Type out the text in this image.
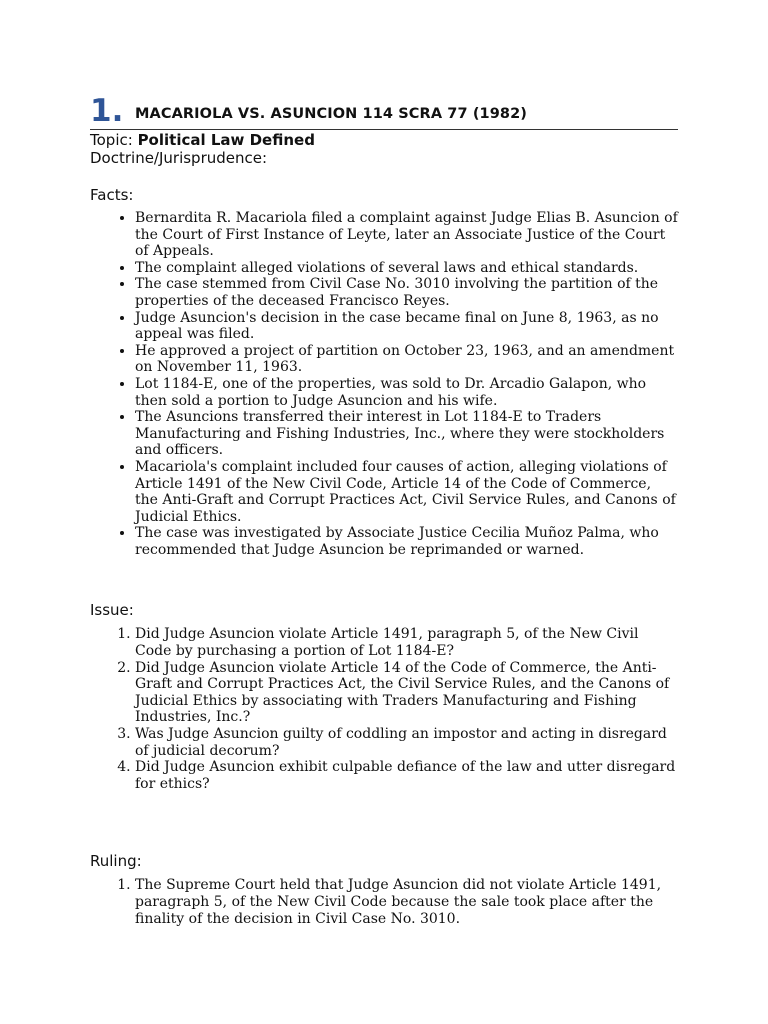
1. MACARIOLA VS. ASUNCION 114 SCRA 77 (1982)
Topic: Political Law Defined
Doctrine/Jurisprudence:
Facts:
• Bernardita R. Macariola filed a complaint against Judge Elias B. Asuncion of the Court of First Instance of Leyte, later an Associate Justice of the Court of Appeals.
• The complaint alleged violations of several laws and ethical standards.
• The case stemmed from Civil Case No. 3010 involving the partition of the properties of the deceased Francisco Reyes.
• Judge Asuncion's decision in the case became final on June 8, 1963, as no appeal was filed.
• He approved a project of partition on October 23, 1963, and an amendment on November 11, 1963.
• Lot 1184-E, one of the properties, was sold to Dr. Arcadio Galapon, who then sold a portion to Judge Asuncion and his wife.
• The Asuncions transferred their interest in Lot 1184-E to Traders Manufacturing and Fishing Industries, Inc., where they were stockholders and officers.
• Macariola's complaint included four causes of action, alleging violations of Article 1491 of the New Civil Code, Article 14 of the Code of Commerce, the Anti-Graft and Corrupt Practices Act, Civil Service Rules, and Canons of Judicial Ethics.
• The case was investigated by Associate Justice Cecilia Muñoz Palma, who recommended that Judge Asuncion be reprimanded or warned.
Issue:
1. Did Judge Asuncion violate Article 1491, paragraph 5, of the New Civil Code by purchasing a portion of Lot 1184-E?
2. Did Judge Asuncion violate Article 14 of the Code of Commerce, the Anti-Graft and Corrupt Practices Act, the Civil Service Rules, and the Canons of Judicial Ethics by associating with Traders Manufacturing and Fishing Industries, Inc.?
3. Was Judge Asuncion guilty of coddling an impostor and acting in disregard of judicial decorum?
4. Did Judge Asuncion exhibit culpable defiance of the law and utter disregard for ethics?
Ruling:
1. The Supreme Court held that Judge Asuncion did not violate Article 1491, paragraph 5, of the New Civil Code because the sale took place after the finality of the decision in Civil Case No. 3010.
